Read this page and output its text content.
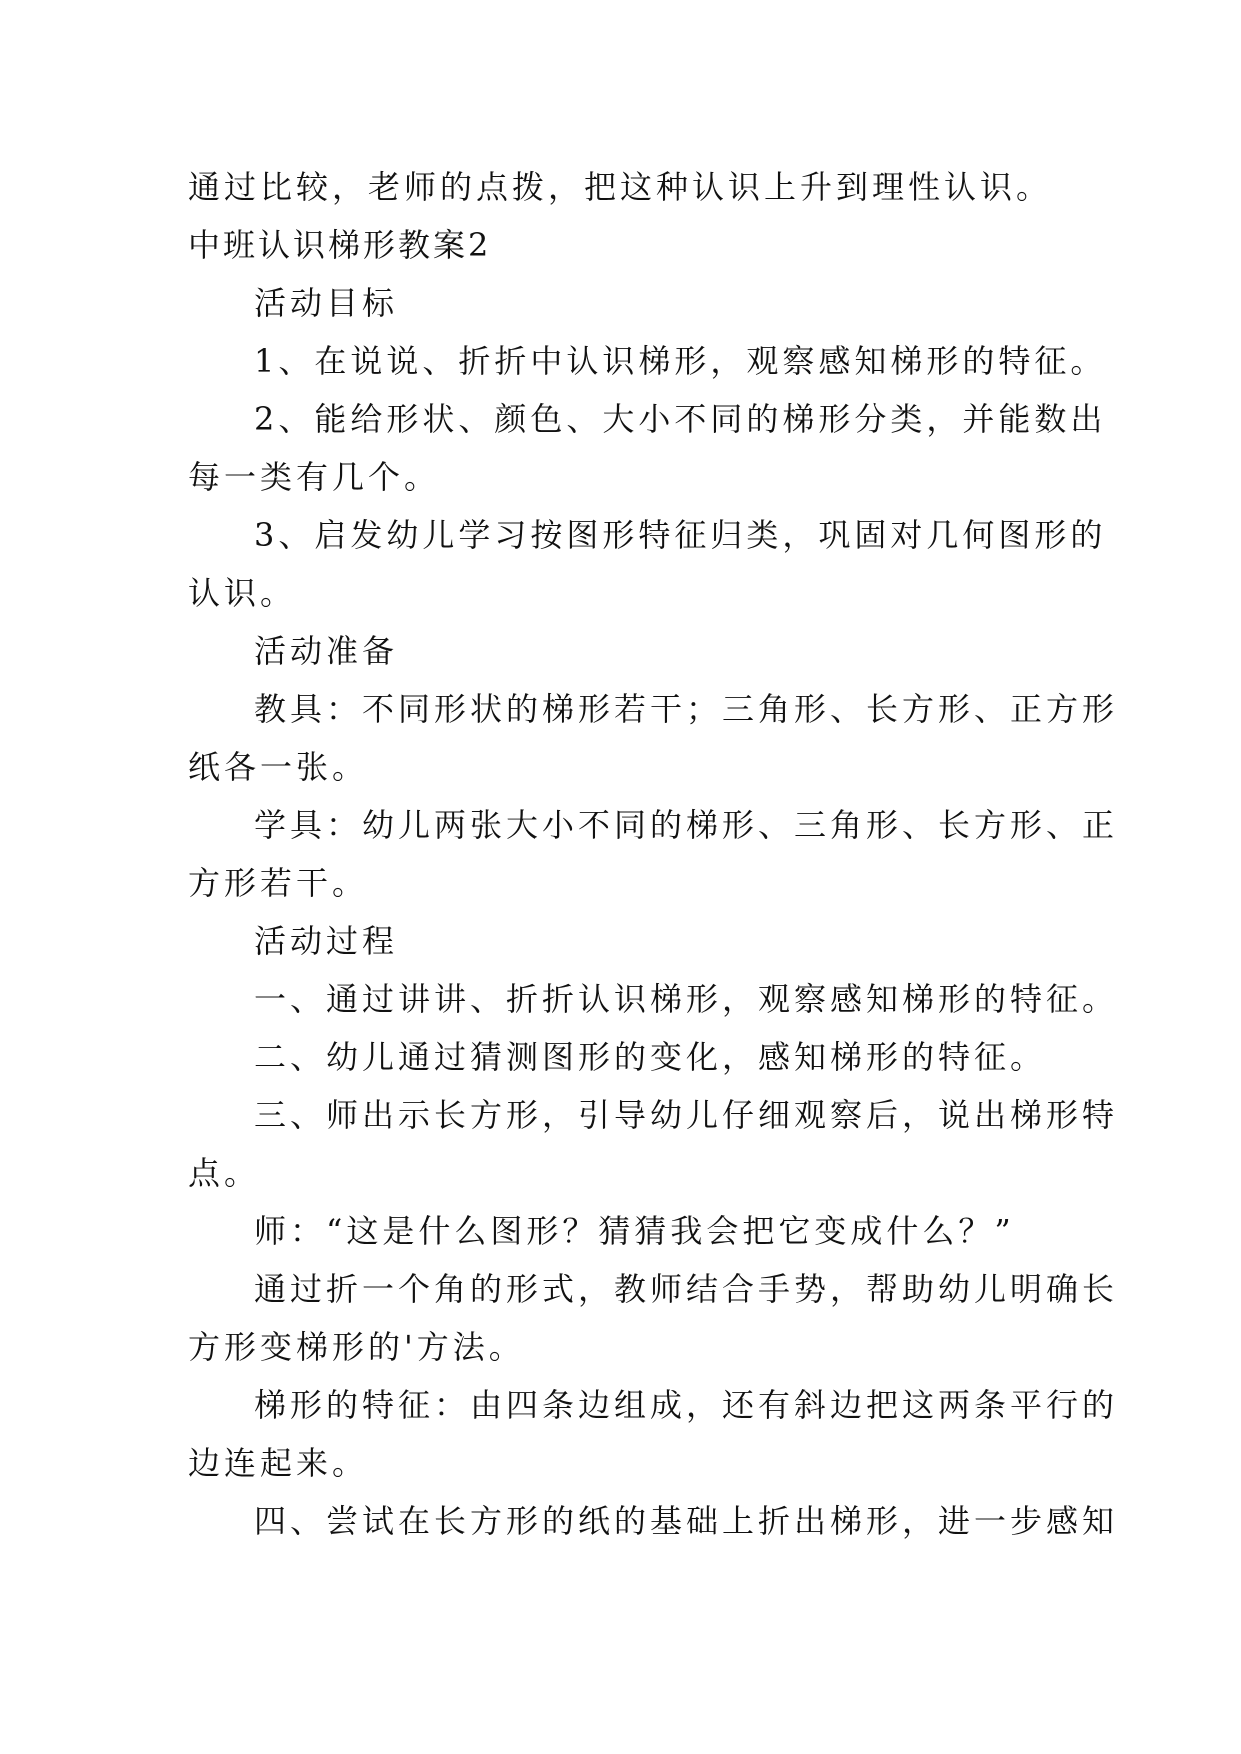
通过比较，老师的点拨，把这种认识上升到理性认识。
中班认识梯形教案2
活动目标
1、在说说、折折中认识梯形，观察感知梯形的特征。
2、能给形状、颜色、大小不同的梯形分类，并能数出
每一类有几个。
3、启发幼儿学习按图形特征归类，巩固对几何图形的
认识。
活动准备
教具：不同形状的梯形若干；三角形、长方形、正方形
纸各一张。
学具：幼儿两张大小不同的梯形、三角形、长方形、正
方形若干。
活动过程
一、通过讲讲、折折认识梯形，观察感知梯形的特征。
二、幼儿通过猜测图形的变化，感知梯形的特征。
三、师出示长方形，引导幼儿仔细观察后，说出梯形特
点。
师：“这是什么图形？猜猜我会把它变成什么？”
通过折一个角的形式，教师结合手势，帮助幼儿明确长
方形变梯形的'方法。
梯形的特征：由四条边组成，还有斜边把这两条平行的
边连起来。
四、尝试在长方形的纸的基础上折出梯形，进一步感知
